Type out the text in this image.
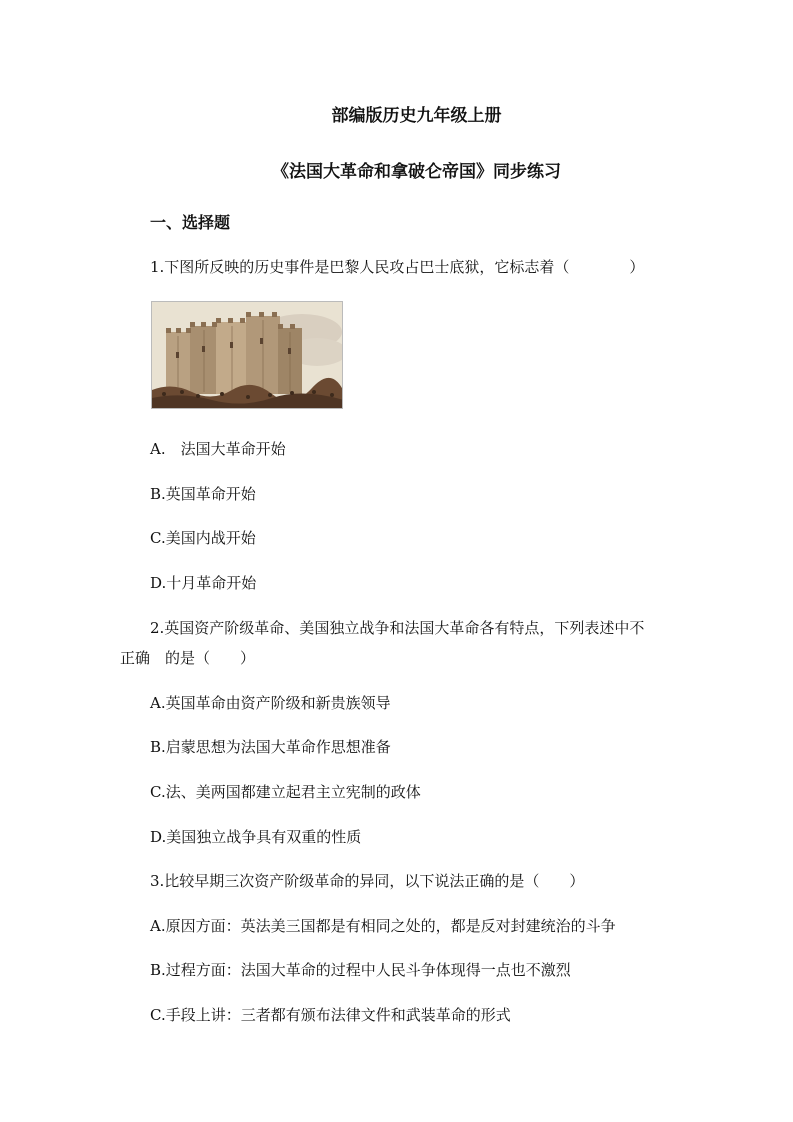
部编版历史九年级上册
《法国大革命和拿破仑帝国》同步练习
一、选择题
1.下图所反映的历史事件是巴黎人民攻占巴士底狱，它标志着（　　　　）
A.　法国大革命开始
B.英国革命开始
C.美国内战开始
D.十月革命开始
2.英国资产阶级革命、美国独立战争和法国大革命各有特点，下列表述中不
正确　的是（　　）
A.英国革命由资产阶级和新贵族领导
B.启蒙思想为法国大革命作思想准备
C.法、美两国都建立起君主立宪制的政体
D.美国独立战争具有双重的性质
3.比较早期三次资产阶级革命的异同，以下说法正确的是（　　）
A.原因方面：英法美三国都是有相同之处的，都是反对封建统治的斗争
B.过程方面：法国大革命的过程中人民斗争体现得一点也不激烈
C.手段上讲：三者都有颁布法律文件和武装革命的形式
